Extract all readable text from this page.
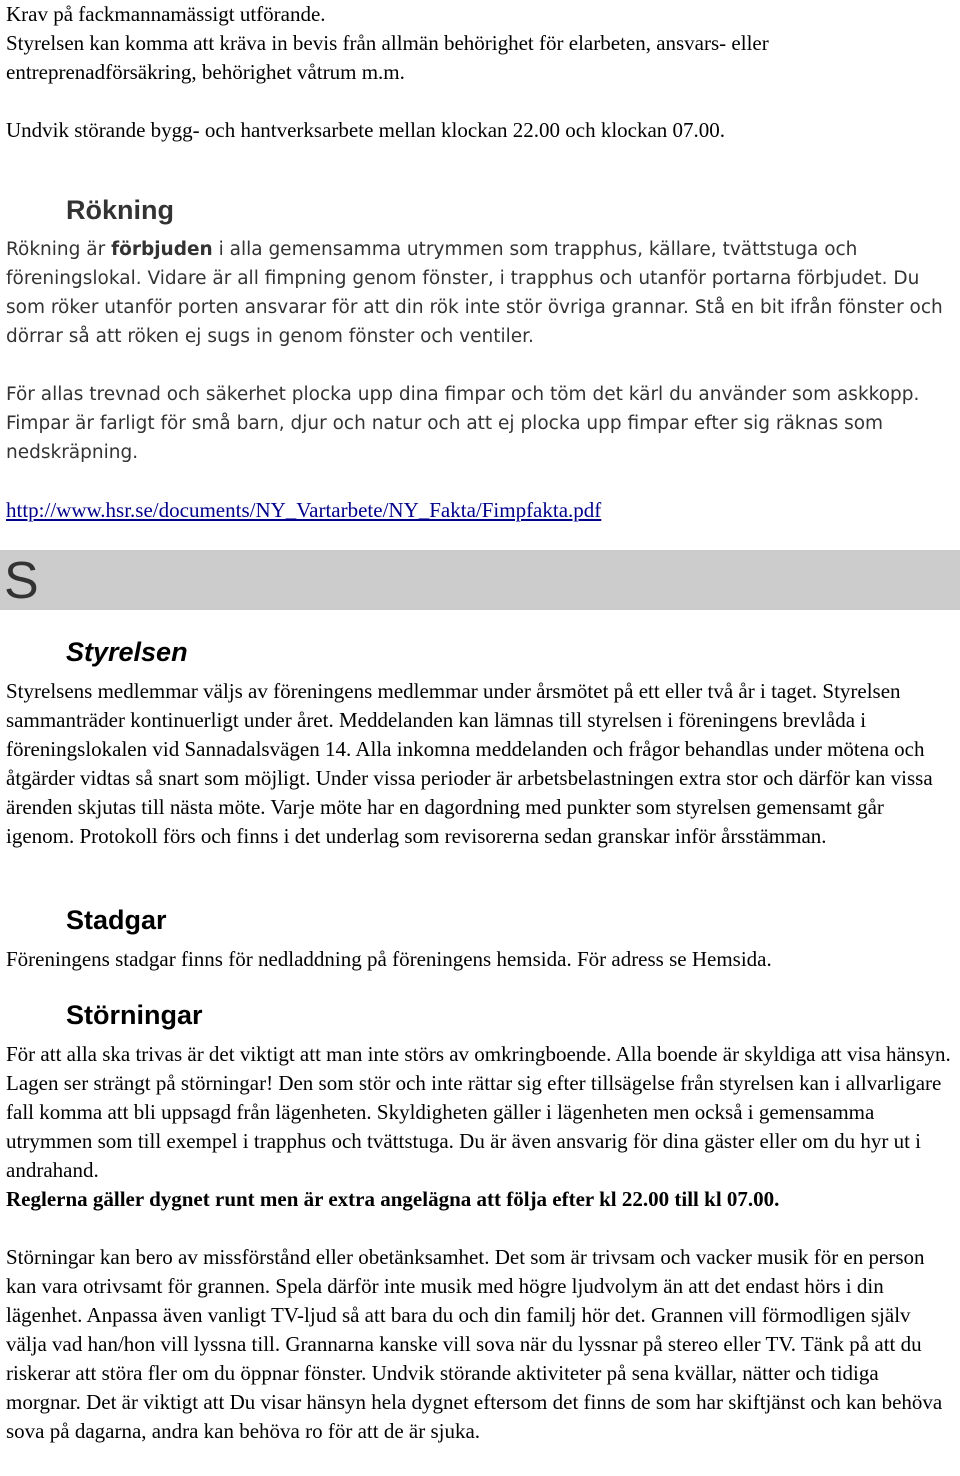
Krav på fackmannamässigt utförande.

Styrelsen kan komma att kräva in bevis från allmän behörighet för elarbeten, ansvars- eller entreprenadförsäkring, behörighet våtrum m.m.

Undvik störande bygg- och hantverksarbete mellan klockan 22.00 och klockan 07.00.

Rökning

Rökning är förbjuden i alla gemensamma utrymmen som trapphus, källare, tvättstuga och föreningslokal. Vidare är all fimpning genom fönster, i trapphus och utanför portarna förbjudet. Du som röker utanför porten ansvarar för att din rök inte stör övriga grannar. Stå en bit ifrån fönster och dörrar så att röken ej sugs in genom fönster och ventiler.

För allas trevnad och säkerhet plocka upp dina fimpar och töm det kärl du använder som askkopp. Fimpar är farligt för små barn, djur och natur och att ej plocka upp fimpar efter sig räknas som nedskräpning.

http://www.hsr.se/documents/NY_Vartarbete/NY_Fakta/Fimpfakta.pdf
S
Styrelsen

Styrelsens medlemmar väljs av föreningens medlemmar under årsmötet på ett eller två år i taget. Styrelsen sammanträder kontinuerligt under året. Meddelanden kan lämnas till styrelsen i föreningens brevlåda i föreningslokalen vid Sannadalsvägen 14. Alla inkomna meddelanden och frågor behandlas under mötena och åtgärder vidtas så snart som möjligt. Under vissa perioder är arbetsbelastningen extra stor och därför kan vissa ärenden skjutas till nästa möte. Varje möte har en dagordning med punkter som styrelsen gemensamt går igenom. Protokoll förs och finns i det underlag som revisorerna sedan granskar inför årsstämman.

Stadgar

Föreningens stadgar finns för nedladdning på föreningens hemsida. För adress se Hemsida.

Störningar

För att alla ska trivas är det viktigt att man inte störs av omkringboende. Alla boende är skyldiga att visa hänsyn. Lagen ser strängt på störningar! Den som stör och inte rättar sig efter tillsägelse från styrelsen kan i allvarligare fall komma att bli uppsagd från lägenheten. Skyldigheten gäller i lägenheten men också i gemensamma utrymmen som till exempel i trapphus och tvättstuga. Du är även ansvarig för dina gäster eller om du hyr ut i andrahand.

Reglerna gäller dygnet runt men är extra angelägna att följa efter kl 22.00 till kl 07.00.

Störningar kan bero av missförstånd eller obetänksamhet. Det som är trivsam och vacker musik för en person kan vara otrivsamt för grannen. Spela därför inte musik med högre ljudvolym än att det endast hörs i din lägenhet. Anpassa även vanligt TV-ljud så att bara du och din familj hör det. Grannen vill förmodligen själv välja vad han/hon vill lyssna till. Grannarna kanske vill sova när du lyssnar på stereo eller TV. Tänk på att du riskerar att störa fler om du öppnar fönster. Undvik störande aktiviteter på sena kvällar, nätter och tidiga morgnar. Det är viktigt att Du visar hänsyn hela dygnet eftersom det finns de som har skiftjänst och kan behöva sova på dagarna, andra kan behöva ro för att de är sjuka.
